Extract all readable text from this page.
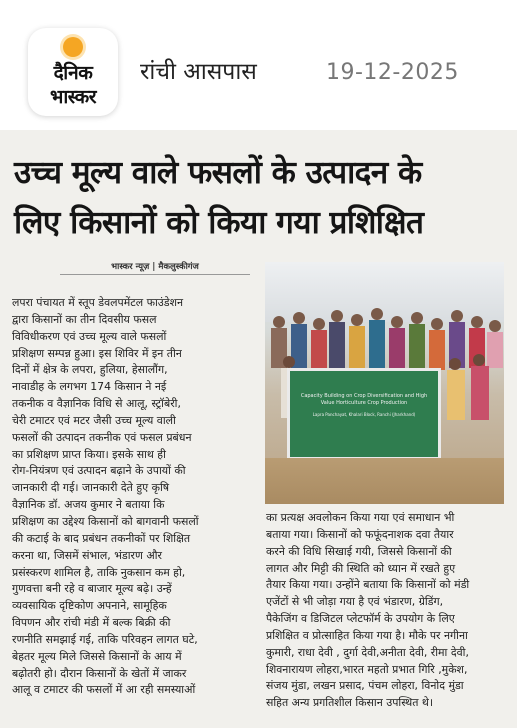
दैनिक
भास्कर
रांची आसपास	19-12-2025
उच्च मूल्य वाले फसलों के उत्पादन के
लिए किसानों को किया गया प्रशिक्षित
भास्कर न्यूज़ | मैकलुस्कीगंज
Capacity Building on Crop Diversification and High Value Horticulture Crop Production
Lapra Panchayat, Khalari Block, Ranchi (Jharkhand)
लपरा पंचायत में स्तूप डेवलपमेंटल फाउंडेशन
द्वारा किसानों का तीन दिवसीय फसल
विविधीकरण एवं उच्च मूल्य वाले फसलों
प्रशिक्षण सम्पन्न हुआ। इस शिविर में इन तीन
दिनों में क्षेत्र के लपरा, हुलिया, हेसालौंग,
नावाडीह के लगभग 174 किसान ने नई
तकनीक व वैज्ञानिक विधि से आलू, स्ट्रॉबेरी,
चेरी टमाटर एवं मटर जैसी उच्च मूल्य वाली
फसलों की उत्पादन तकनीक एवं फसल प्रबंधन
का प्रशिक्षण प्राप्त किया। इसके साथ ही
रोग-नियंत्रण एवं उत्पादन बढ़ाने के उपायों की
जानकारी दी गई। जानकारी देते हुए कृषि
वैज्ञानिक डॉ. अजय कुमार ने बताया कि
प्रशिक्षण का उद्देश्य किसानों को बागवानी फसलों
की कटाई के बाद प्रबंधन तकनीकों पर शिक्षित
करना था, जिसमें संभाल, भंडारण और
प्रसंस्करण शामिल है, ताकि नुकसान कम हो,
गुणवत्ता बनी रहे व बाजार मूल्य बढ़े। उन्हें
व्यवसायिक दृष्टिकोण अपनाने, सामूहिक
विपणन और रांची मंडी में बल्क बिक्री की
रणनीति समझाई गई, ताकि परिवहन लागत घटे,
बेहतर मूल्य मिले जिससे किसानों के आय में
बढ़ोतरी हो। दौरान किसानों के खेतों में जाकर
आलू व टमाटर की फसलों में आ रही समस्याओं
का प्रत्यक्ष अवलोकन किया गया एवं समाधान भी
बताया गया। किसानों को फफूंदनाशक दवा तैयार
करने की विधि सिखाई गयी, जिससे किसानों की
लागत और मिट्टी की स्थिति को ध्यान में रखते हुए
तैयार किया गया। उन्होंने बताया कि किसानों को मंडी
एजेंटों से भी जोड़ा गया है एवं भंडारण, ग्रेडिंग,
पैकेजिंग व डिजिटल प्लेटफॉर्म के उपयोग के लिए
प्रशिक्षित व प्रोत्साहित किया गया है। मौके पर नगीना
कुमारी, राधा देवी , दुर्गा देवी,अनीता देवी, रीमा देवी,
शिवनारायण लोहरा,भारत महतो प्रभात गिरि ,मुकेश,
संजय मुंडा, लखन प्रसाद, पंचम लोहरा, विनोद मुंडा
सहित अन्य प्रगतिशील किसान उपस्थित थे।
